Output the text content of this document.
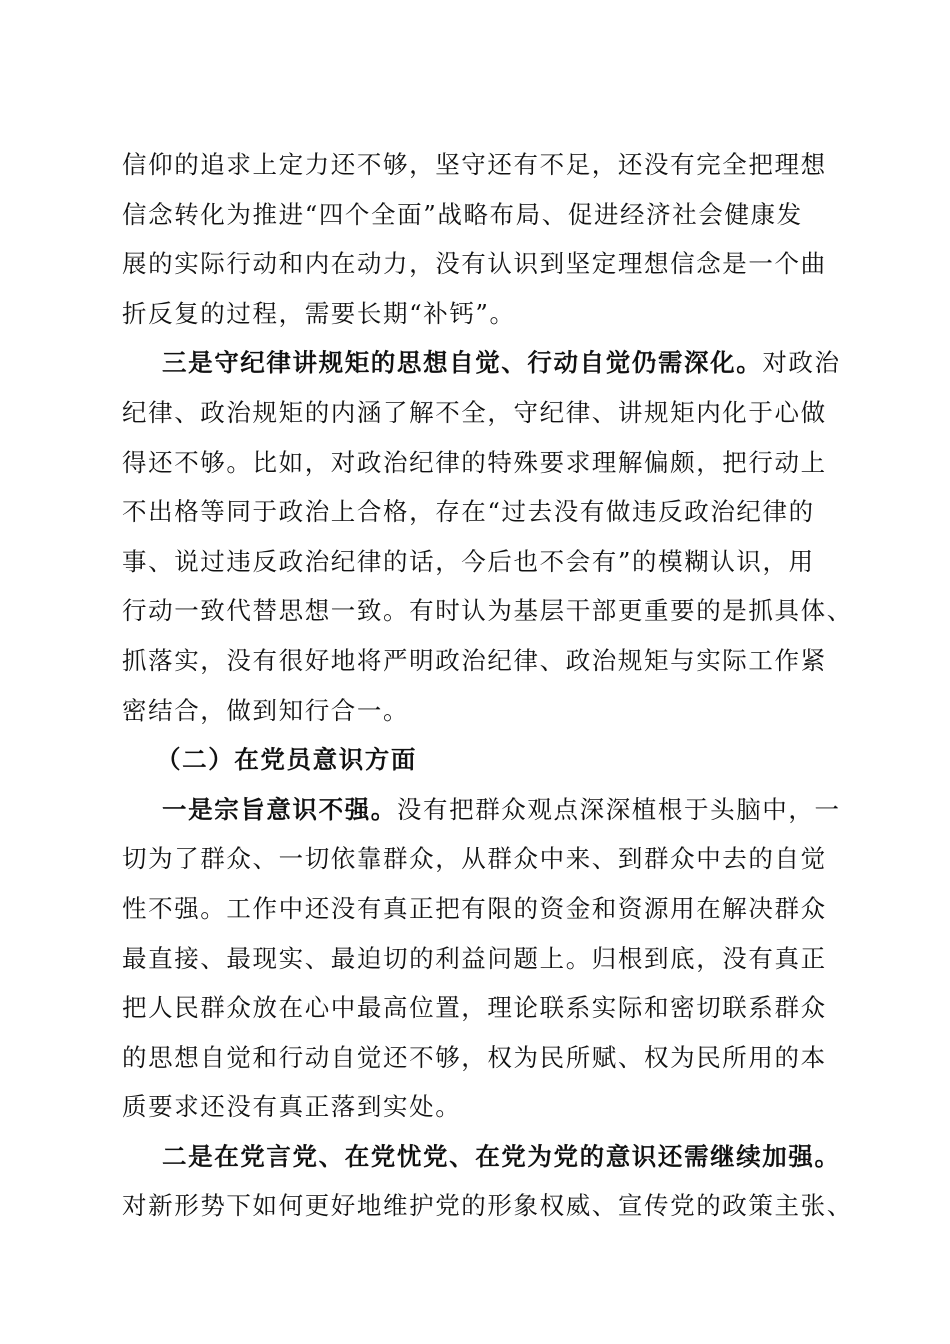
信仰的追求上定力还不够，坚守还有不足，还没有完全把理想
信念转化为推进“四个全面”战略布局、促进经济社会健康发
展的实际行动和内在动力，没有认识到坚定理想信念是一个曲
折反复的过程，需要长期“补钙”。
三是守纪律讲规矩的思想自觉、行动自觉仍需深化。对政治
纪律、政治规矩的内涵了解不全，守纪律、讲规矩内化于心做
得还不够。比如，对政治纪律的特殊要求理解偏颇，把行动上
不出格等同于政治上合格，存在“过去没有做违反政治纪律的
事、说过违反政治纪律的话，今后也不会有”的模糊认识，用
行动一致代替思想一致。有时认为基层干部更重要的是抓具体、
抓落实，没有很好地将严明政治纪律、政治规矩与实际工作紧
密结合，做到知行合一。
（二）在党员意识方面
一是宗旨意识不强。没有把群众观点深深植根于头脑中，一
切为了群众、一切依靠群众，从群众中来、到群众中去的自觉
性不强。工作中还没有真正把有限的资金和资源用在解决群众
最直接、最现实、最迫切的利益问题上。归根到底，没有真正
把人民群众放在心中最高位置，理论联系实际和密切联系群众
的思想自觉和行动自觉还不够，权为民所赋、权为民所用的本
质要求还没有真正落到实处。
二是在党言党、在党忧党、在党为党的意识还需继续加强。
对新形势下如何更好地维护党的形象权威、宣传党的政策主张、
